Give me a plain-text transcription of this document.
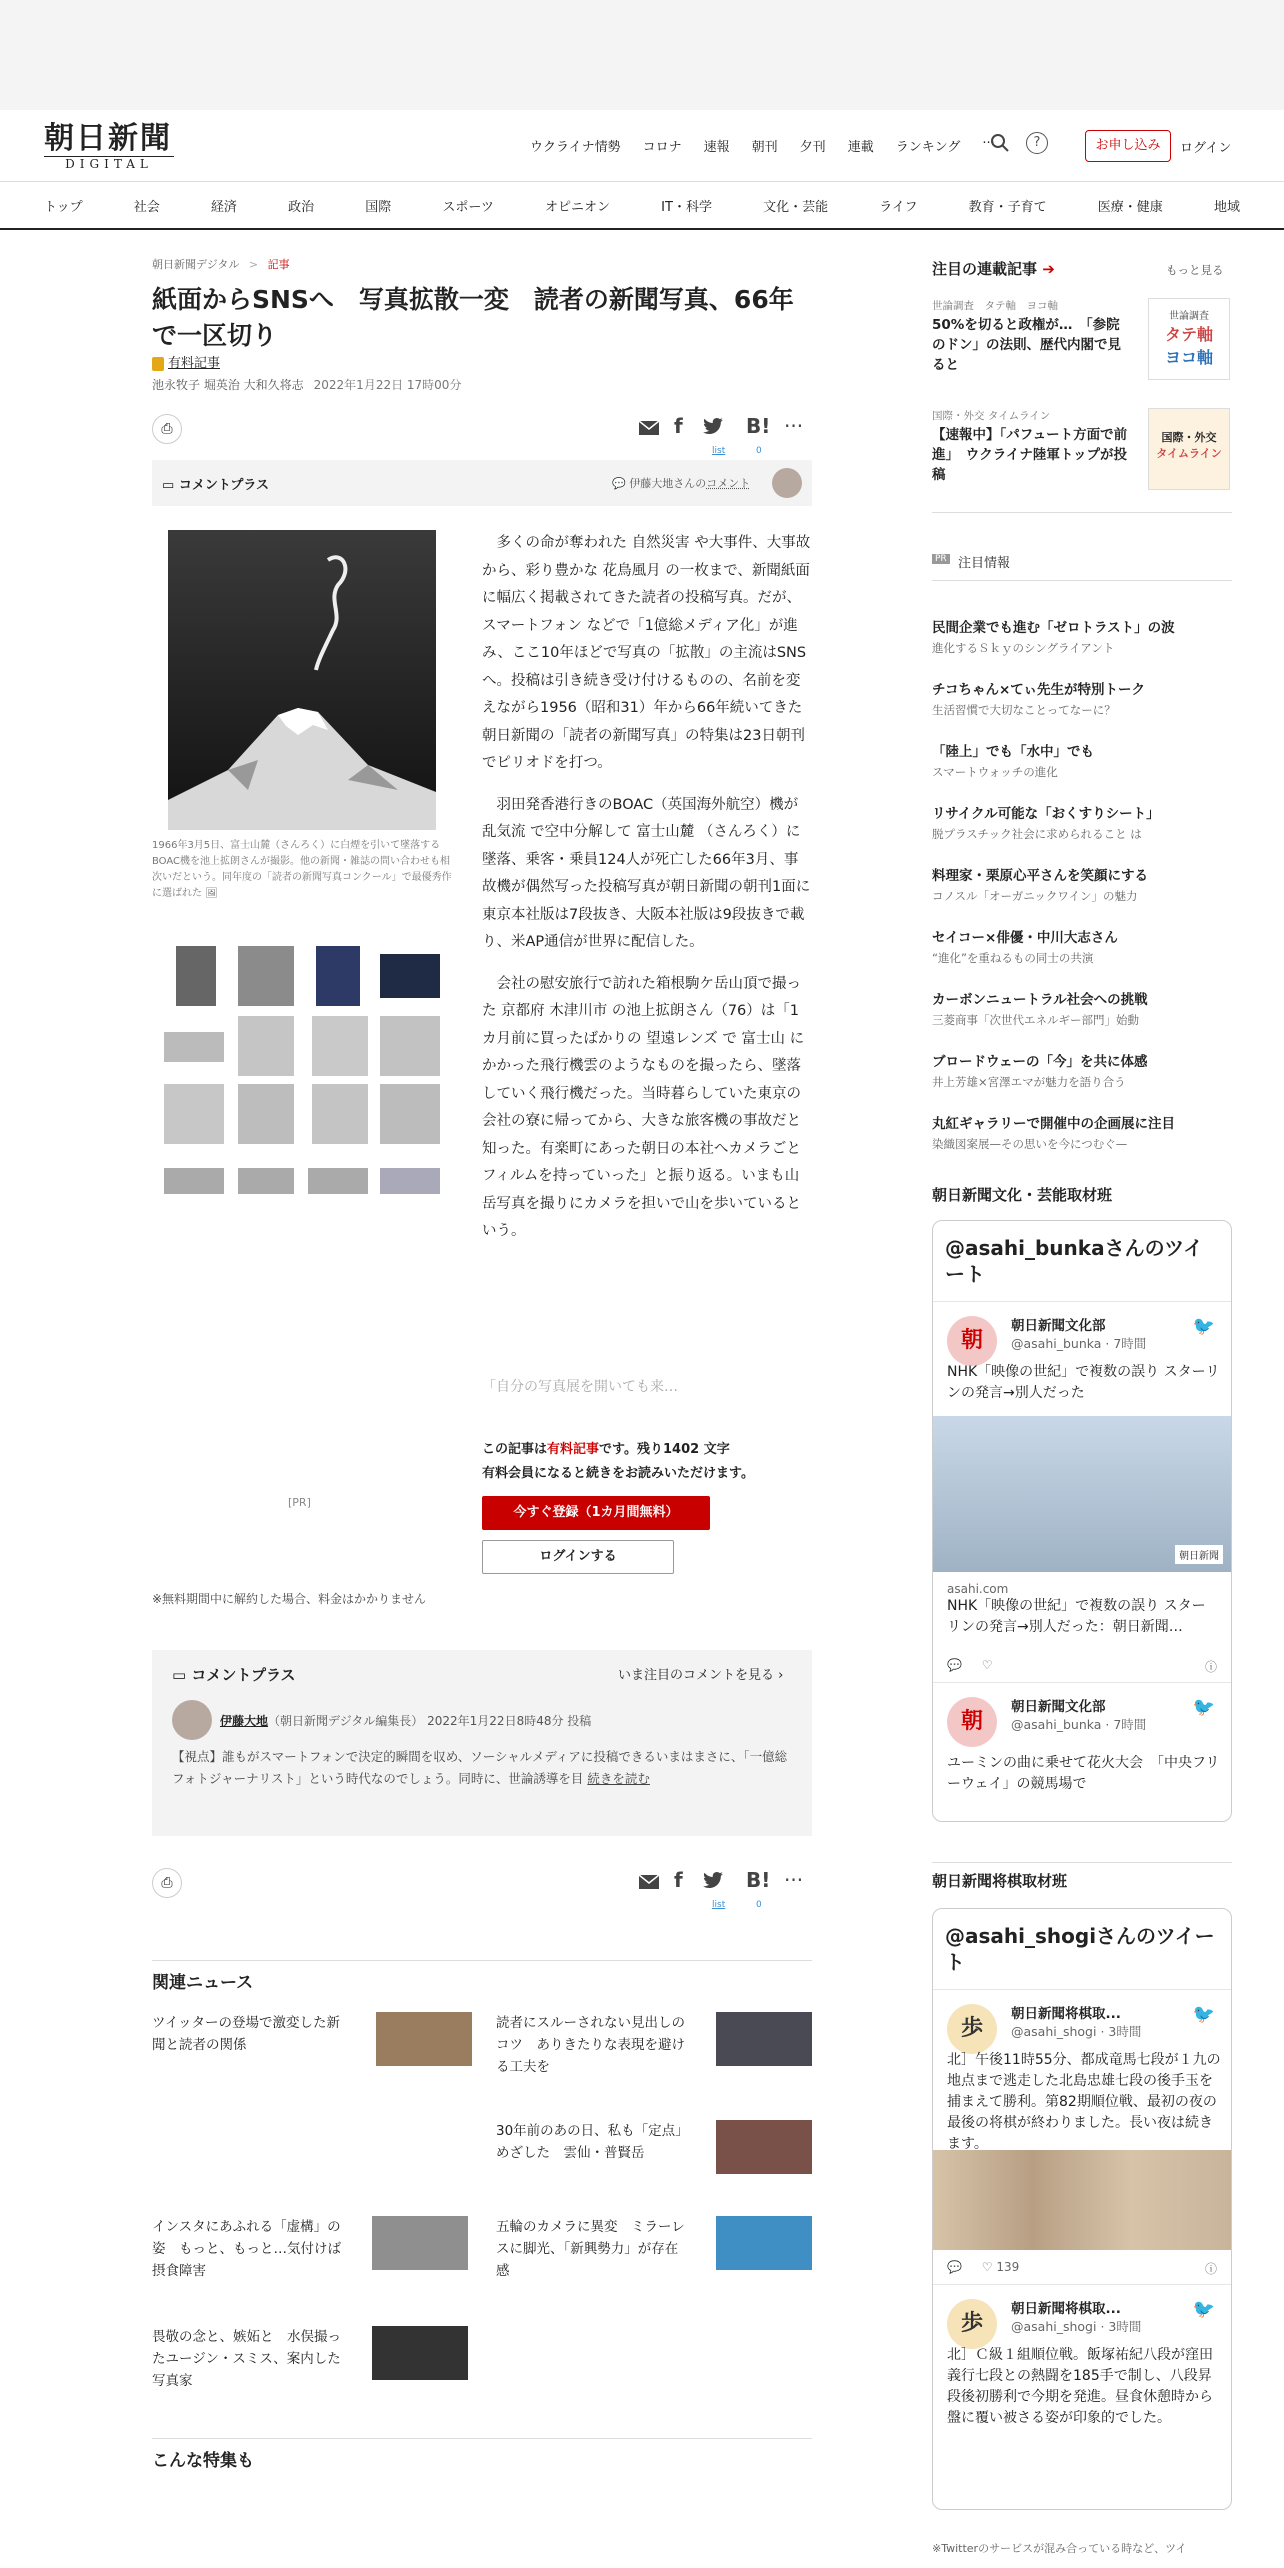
朝日新聞
DIGITAL
ウクライナ情勢 コロナ 速報 朝刊 夕刊 連載 ランキング ···	?	お申し込み	ログイン
トップ	社会	経済	政治	国際	スポーツ	オピニオン	IT・科学	文化・芸能	ライフ	教育・子育て	医療・健康	地域
朝日新聞デジタル > 記事
紙面からSNSへ　写真拡散一変　読者の新聞写真、66年で一区切り
有料記事
池永牧子 堀英治 大和久将志 2022年1月22日 17時00分
⎙	f
list
B!
0
···
▭ コメントプラス	💬 伊藤大地さんのコメント
1966年3月5日、富士山麓（さんろく）に白煙を引いて墜落するBOAC機を池上拡朗さんが撮影。他の新聞・雑誌の問い合わせも相次いだという。同年度の「読者の新聞写真コンクール」で最優秀作に選ばれた 🖼
[PR]

多くの命が奪われた 自然災害 や大事件、大事故から、彩り豊かな 花鳥風月 の一枚まで、新聞紙面に幅広く掲載されてきた読者の投稿写真。だが、 スマートフォン などで「1億総メディア化」が進み、ここ10年ほどで写真の「拡散」の主流はSNSへ。投稿は引き続き受け付けるものの、名前を変えながら1956（昭和31）年から66年続いてきた朝日新聞の「読者の新聞写真」の特集は23日朝刊でピリオドを打つ。

羽田発香港行きのBOAC（英国海外航空）機が 乱気流 で空中分解して 富士山麓 （さんろく）に墜落、乗客・乗員124人が死亡した66年3月、事故機が偶然写った投稿写真が朝日新聞の朝刊1面に東京本社版は7段抜き、大阪本社版は9段抜きで載り、米AP通信が世界に配信した。

会社の慰安旅行で訪れた箱根駒ケ岳山頂で撮った 京都府 木津川市 の池上拡朗さん（76）は「1カ月前に買ったばかりの 望遠レンズ で 富士山 にかかった飛行機雲のようなものを撮ったら、墜落していく飛行機だった。当時暮らしていた東京の会社の寮に帰ってから、大きな旅客機の事故だと知った。有楽町にあった朝日の本社へカメラごとフィルムを持っていった」と振り返る。いまも山岳写真を撮りにカメラを担いで山を歩いているという。

「自分の写真展を開いても来…
この記事は有料記事です。残り1402 文字
有料会員になると続きをお読みいただけます。
今すぐ登録（1カ月間無料）
ログインする
※無料期間中に解約した場合、料金はかかりません
▭ コメントプラス	いま注目のコメントを見る ›
伊藤大地（朝日新聞デジタル編集長） 2022年1月22日8時48分 投稿
【視点】誰もがスマートフォンで決定的瞬間を収め、ソーシャルメディアに投稿できるいまはまさに、「一億総フォトジャーナリスト」という時代なのでしょう。同時に、世論誘導を目 続きを読む
⎙	f
list
B!
0
···
関連ニュース
ツイッターの登場で激変した新聞と読者の関係
読者にスルーされない見出しのコツ　ありきたりな表現を避ける工夫を
30年前のあの日、私も「定点」めざした　雲仙・普賢岳
インスタにあふれる「虚構」の姿　もっと、もっと…気付けば摂食障害
五輪のカメラに異変　ミラーレスに脚光、「新興勢力」が存在感
畏敬の念と、嫉妬と　水俣撮ったユージン・スミス、案内した写真家
こんな特集も
注目の連載記事 ➔	もっと見る
世論調査　タテ軸　ヨコ軸
50%を切ると政権が…　「参院のドン」の法則、歴代内閣で見ると
世論調査
タテ軸
ヨコ軸
国際・外交 タイムライン
【速報中】「パフュート方面で前進」　ウクライナ陸軍トップが投稿
国際・外交
タイムライン
PR 注目情報
民間企業でも進む「ゼロトラスト」の波
進化するＳｋｙのシングライアント
チコちゃん×てぃ先生が特別トーク
生活習慣で大切なことってなーに？
「陸上」でも「水中」でも
スマートウォッチの進化
リサイクル可能な「おくすりシート」
脱プラスチック社会に求められること は
料理家・栗原心平さんを笑顔にする
コノスル「オーガニックワイン」の魅力
セイコー×俳優・中川大志さん
“進化”を重ねるもの同士の共演
カーボンニュートラル社会への挑戦
三菱商事「次世代エネルギー部門」始動
ブロードウェーの「今」を共に体感
井上芳雄×宮澤エマが魅力を語り合う
丸紅ギャラリーで開催中の企画展に注目
染織図案展—その思いを今につむぐ—
朝日新聞文化・芸能取材班
@asahi_bunkaさんのツイート
朝
朝日新聞文化部
@asahi_bunka · 7時間
🐦
NHK「映像の世紀」で複数の誤り スターリンの発言→別人だった
朝日新聞
asahi.com
NHK「映像の世紀」で複数の誤り スターリンの発言→別人だった：朝日新聞…
💬 ♡	ⓘ
朝
朝日新聞文化部
@asahi_bunka · 7時間
🐦
ユーミンの曲に乗せて花火大会　「中央フリーウェイ」の競馬場で
朝日新聞将棋取材班
@asahi_shogiさんのツイート
歩
朝日新聞将棋取...
@asahi_shogi · 3時間
🐦
北］午後11時55分、都成竜馬七段が１九の地点まで逃走した北島忠雄七段の後手玉を捕まえて勝利。第82期順位戦、最初の夜の最後の将棋が終わりました。長い夜は続きます。
💬 ♡ 139	ⓘ
歩
朝日新聞将棋取...
@asahi_shogi · 3時間
🐦
北］Ｃ級１組順位戦。飯塚祐紀八段が窪田義行七段との熱闘を185手で制し、八段昇段後初勝利で今期を発進。昼食休憩時から盤に覆い被さる姿が印象的でした。
※Twitterのサービスが混み合っている時など、ツイ
